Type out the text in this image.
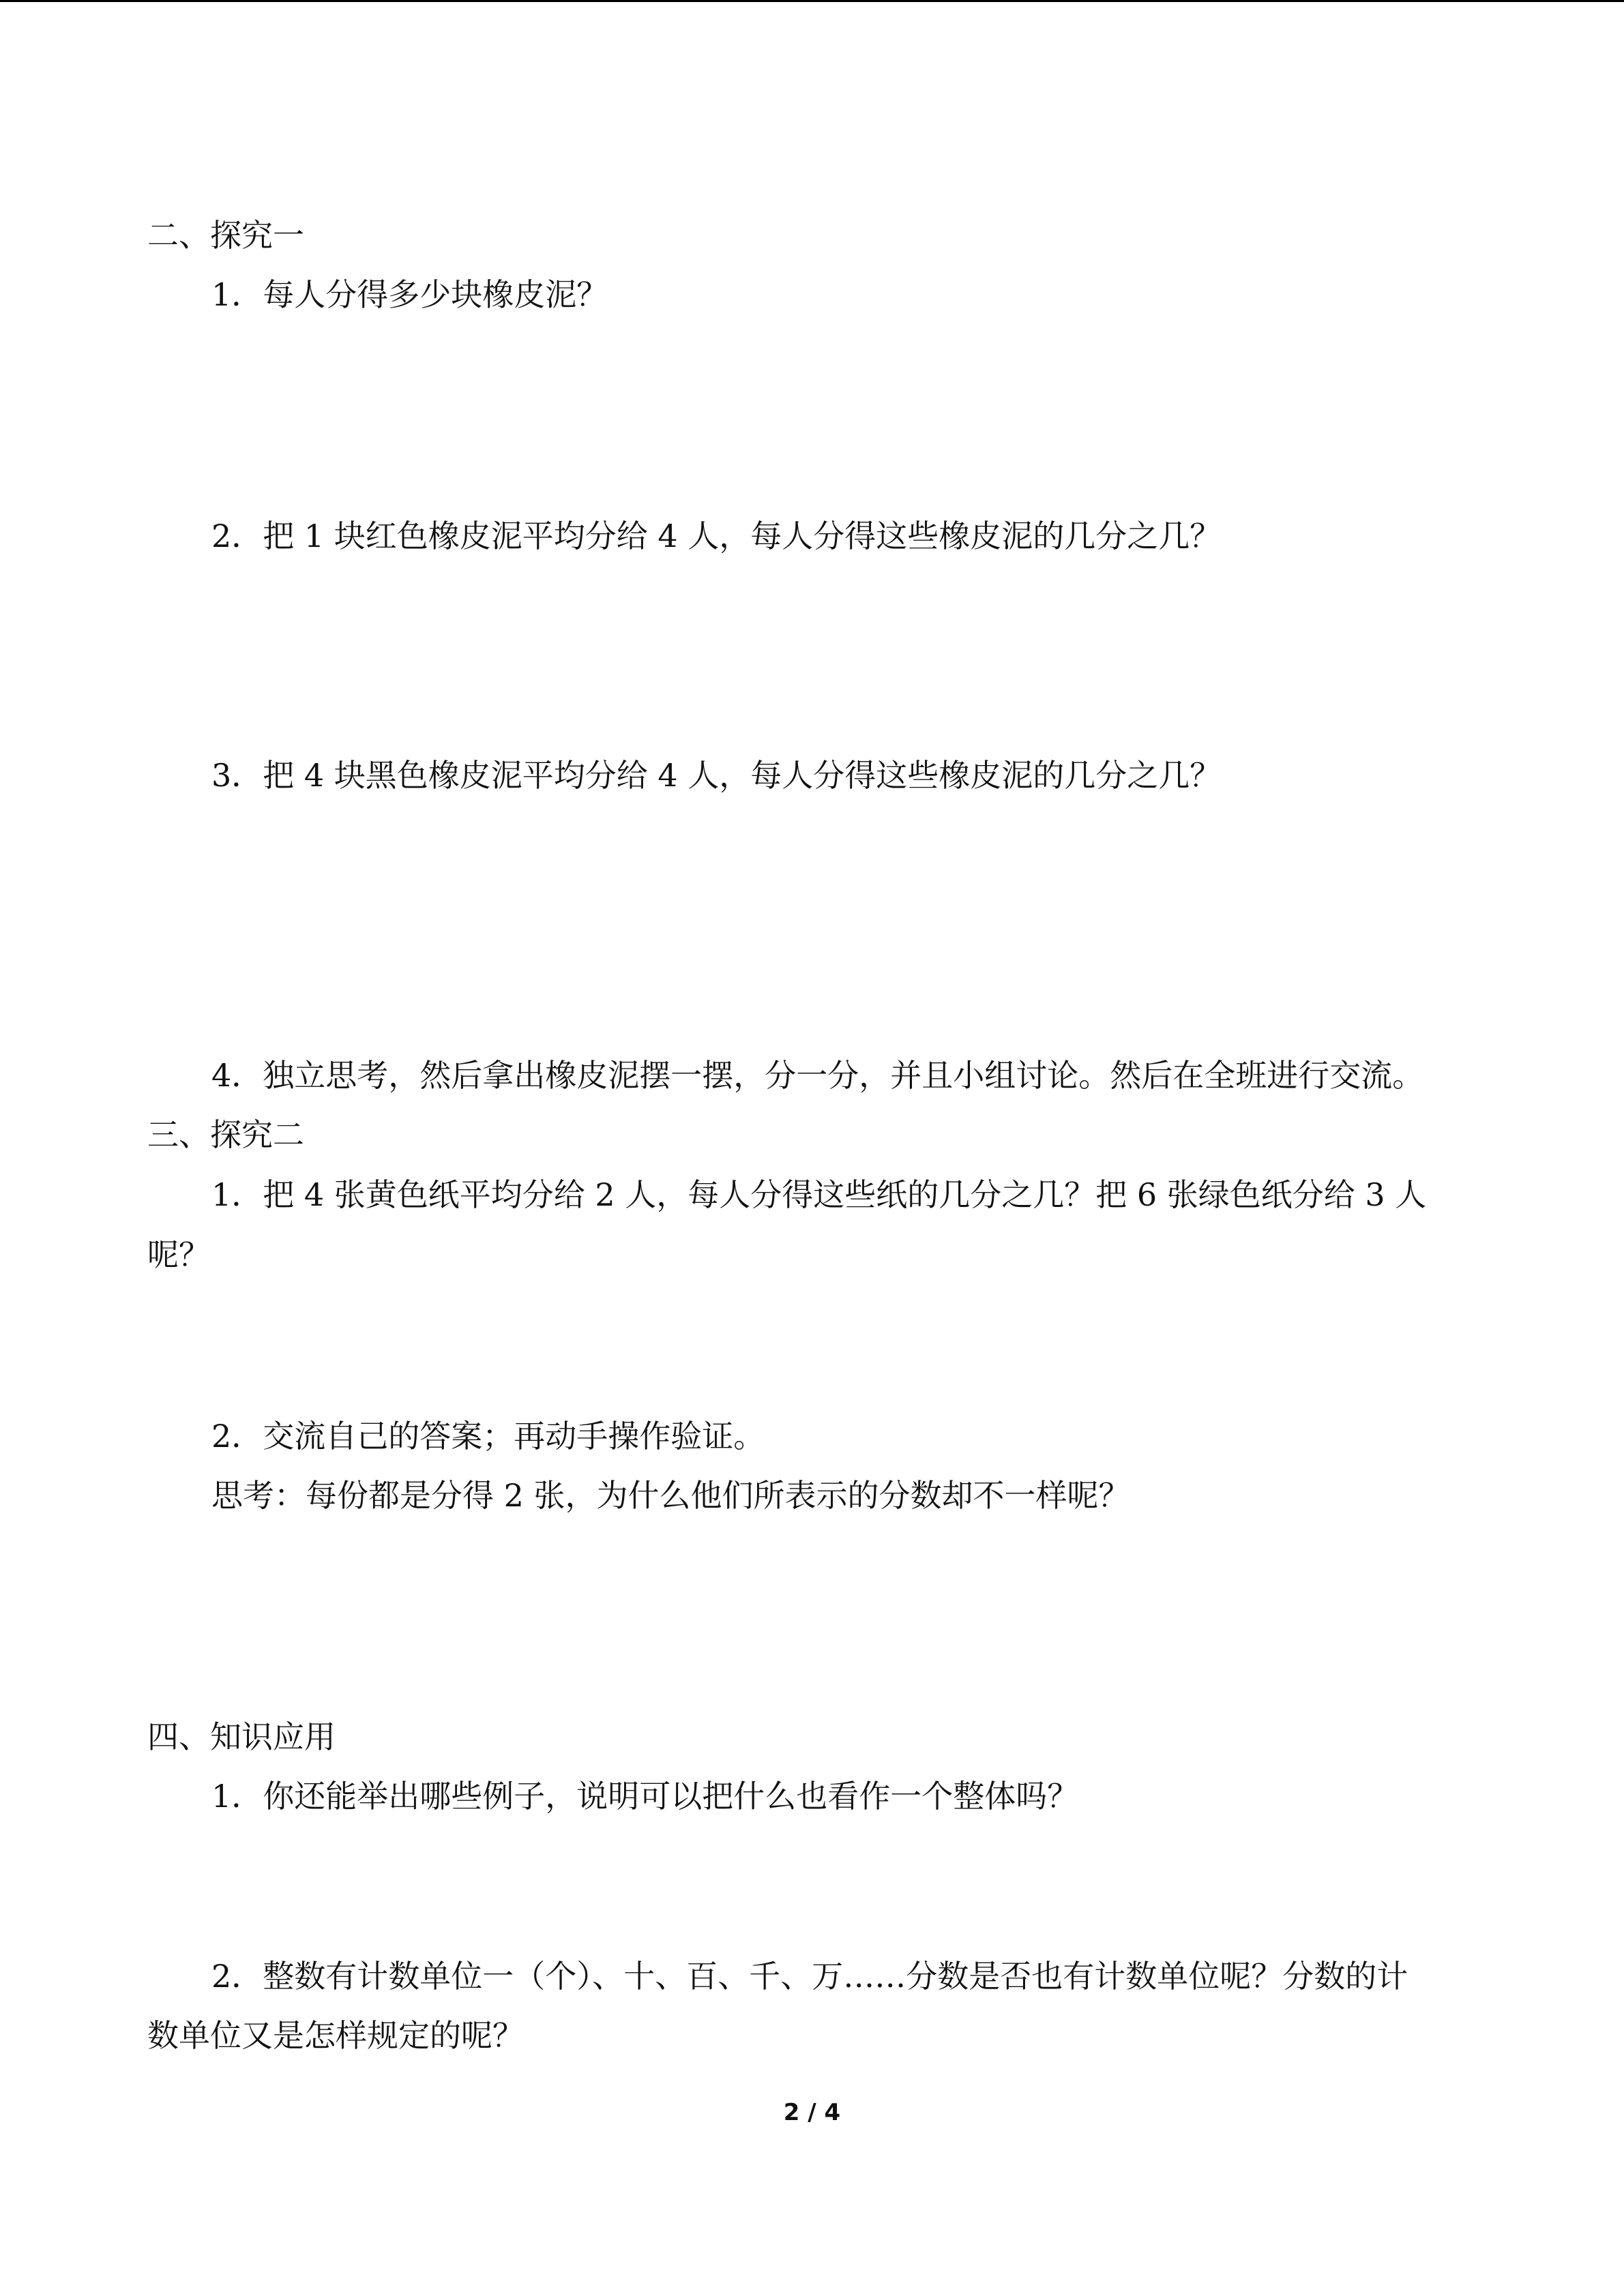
二、探究一
1．每人分得多少块橡皮泥？
2．把 1 块红色橡皮泥平均分给 4 人，每人分得这些橡皮泥的几分之几？
3．把 4 块黑色橡皮泥平均分给 4 人，每人分得这些橡皮泥的几分之几？
4．独立思考，然后拿出橡皮泥摆一摆，分一分，并且小组讨论。然后在全班进行交流。
三、探究二
1．把 4 张黄色纸平均分给 2 人，每人分得这些纸的几分之几？把 6 张绿色纸分给 3 人
呢？
2．交流自己的答案；再动手操作验证。
思考：每份都是分得 2 张，为什么他们所表示的分数却不一样呢？
四、知识应用
1．你还能举出哪些例子，说明可以把什么也看作一个整体吗？
2．整数有计数单位一（个）、十、百、千、万……分数是否也有计数单位呢？分数的计
数单位又是怎样规定的呢？
2 / 4
